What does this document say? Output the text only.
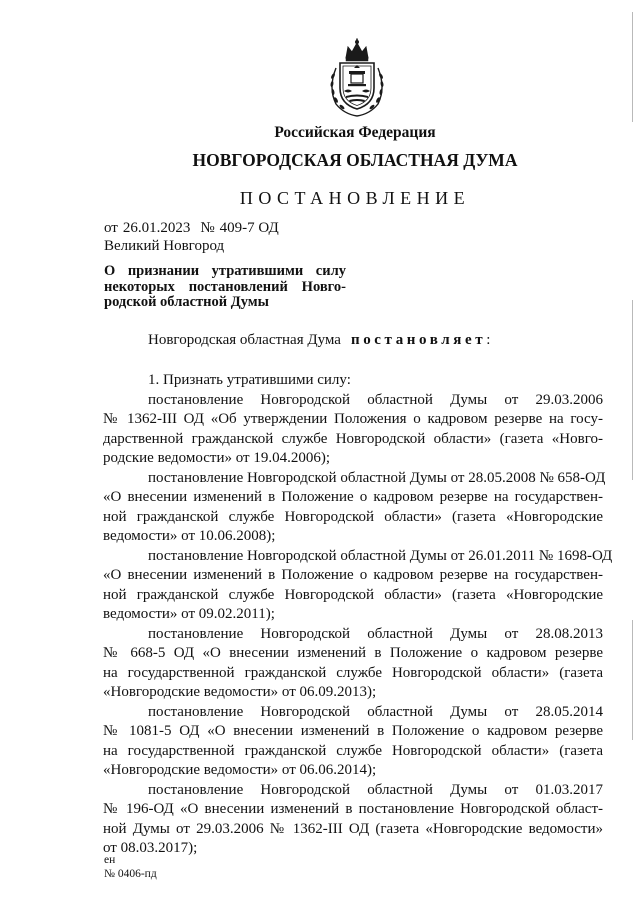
Российская Федерация
НОВГОРОДСКАЯ ОБЛАСТНАЯ ДУМА
ПОСТАНОВЛЕНИЕ
от 26.01.2023 № 409-7 ОД
Великий Новгород
О признании утратившими силу
некоторых постановлений Новго-
родской областной Думы
Новгородская областная Дума постановляет:

1. Признать утратившими силу:

постановление Новгородской областной Думы от 29.03.2006

№ 1362-III ОД «Об утверждении Положения о кадровом резерве на госу-

дарственной гражданской службе Новгородской области» (газета «Новго-

родские ведомости» от 19.04.2006);

постановление Новгородской областной Думы от 28.05.2008 № 658-ОД

«О внесении изменений в Положение о кадровом резерве на государствен-

ной гражданской службе Новгородской области» (газета «Новгородские

ведомости» от 10.06.2008);

постановление Новгородской областной Думы от 26.01.2011 № 1698-ОД

«О внесении изменений в Положение о кадровом резерве на государствен-

ной гражданской службе Новгородской области» (газета «Новгородские

ведомости» от 09.02.2011);

постановление Новгородской областной Думы от 28.08.2013

№ 668-5 ОД «О внесении изменений в Положение о кадровом резерве

на государственной гражданской службе Новгородской области» (газета

«Новгородские ведомости» от 06.09.2013);

постановление Новгородской областной Думы от 28.05.2014

№ 1081-5 ОД «О внесении изменений в Положение о кадровом резерве

на государственной гражданской службе Новгородской области» (газета

«Новгородские ведомости» от 06.06.2014);

постановление Новгородской областной Думы от 01.03.2017

№ 196-ОД «О внесении изменений в постановление Новгородской област-

ной Думы от 29.03.2006 № 1362-III ОД (газета «Новгородские ведомости»

от 08.03.2017);

ен
№ 0406-пд
